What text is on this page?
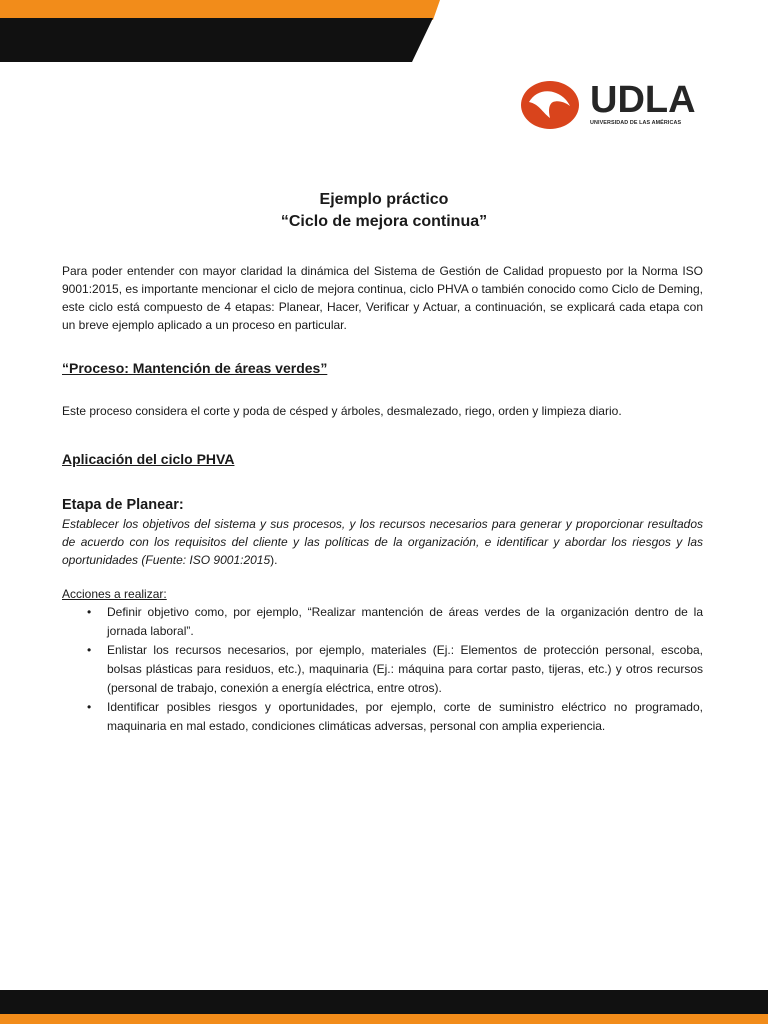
UDLA
UNIVERSIDAD DE LAS AMÉRICAS
Ejemplo práctico
“Ciclo de mejora continua”
Para poder entender con mayor claridad la dinámica del Sistema de Gestión de Calidad propuesto por la Norma ISO 9001:2015, es importante mencionar el ciclo de mejora continua, ciclo PHVA o también conocido como Ciclo de Deming, este ciclo está compuesto de 4 etapas: Planear, Hacer, Verificar y Actuar, a continuación, se explicará cada etapa con un breve ejemplo aplicado a un proceso en particular.
“Proceso: Mantención de áreas verdes”
Este proceso considera el corte y poda de césped y árboles, desmalezado, riego, orden y limpieza diario.
Aplicación del ciclo PHVA
Etapa de Planear:
Establecer los objetivos del sistema y sus procesos, y los recursos necesarios para generar y proporcionar resultados de acuerdo con los requisitos del cliente y las políticas de la organización, e identificar y abordar los riesgos y las oportunidades (Fuente: ISO 9001:2015).
Acciones a realizar:
• Definir objetivo como, por ejemplo, “Realizar mantención de áreas verdes de la organización dentro de la jornada laboral”.
• Enlistar los recursos necesarios, por ejemplo, materiales (Ej.: Elementos de protección personal, escoba, bolsas plásticas para residuos, etc.), maquinaria (Ej.: máquina para cortar pasto, tijeras, etc.) y otros recursos (personal de trabajo, conexión a energía eléctrica, entre otros).
• Identificar posibles riesgos y oportunidades, por ejemplo, corte de suministro eléctrico no programado, maquinaria en mal estado, condiciones climáticas adversas, personal con amplia experiencia.
